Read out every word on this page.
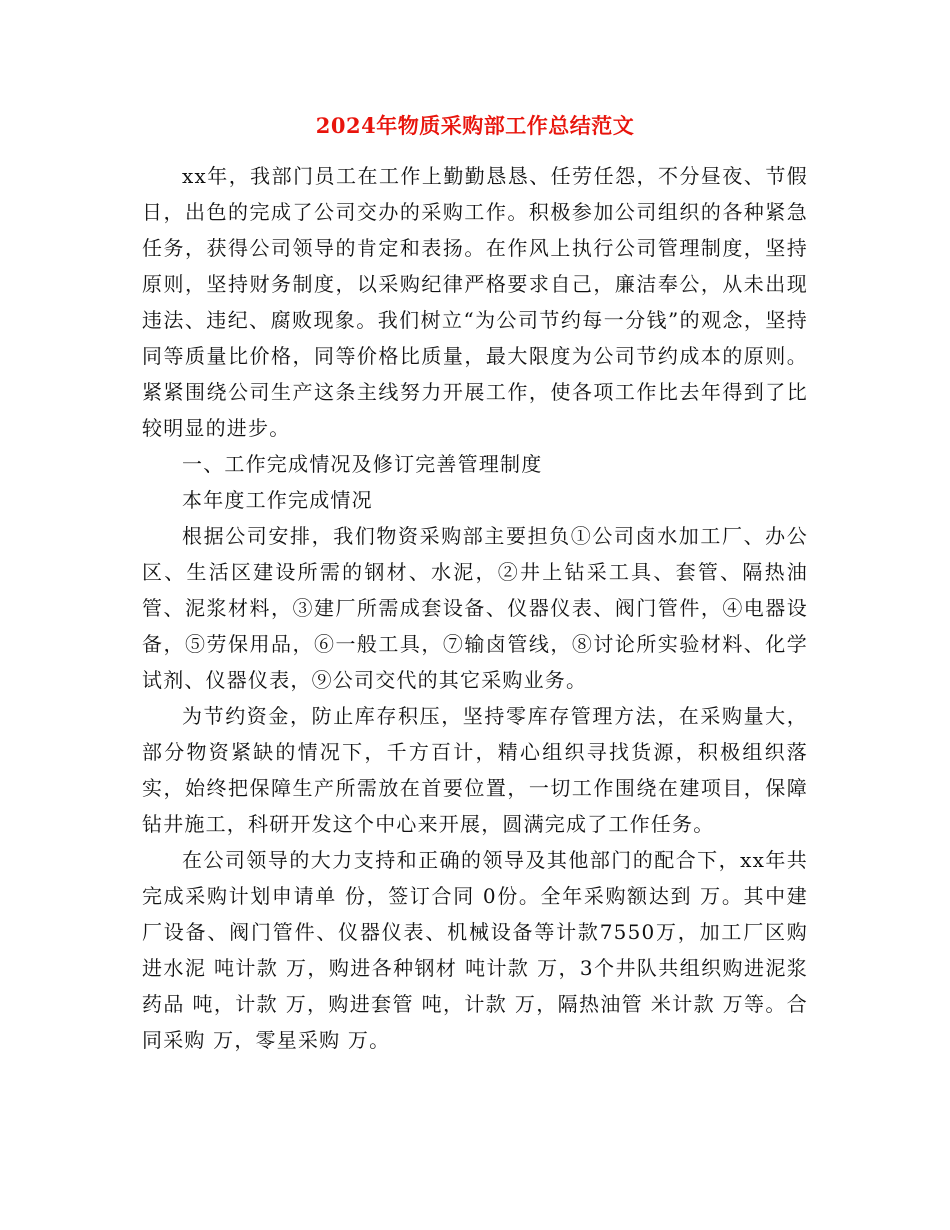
2024年物质采购部工作总结范文

xx年，我部门员工在工作上勤勤恳恳、任劳任怨，不分昼夜、节假日，出色的完成了公司交办的采购工作。积极参加公司组织的各种紧急任务，获得公司领导的肯定和表扬。在作风上执行公司管理制度，坚持原则，坚持财务制度，以采购纪律严格要求自己，廉洁奉公，从未出现违法、违纪、腐败现象。我们树立“为公司节约每一分钱”的观念，坚持同等质量比价格，同等价格比质量，最大限度为公司节约成本的原则。紧紧围绕公司生产这条主线努力开展工作，使各项工作比去年得到了比较明显的进步。

一、工作完成情况及修订完善管理制度

本年度工作完成情况

根据公司安排，我们物资采购部主要担负①公司卤水加工厂、办公区、生活区建设所需的钢材、水泥，②井上钻采工具、套管、隔热油管、泥浆材料，③建厂所需成套设备、仪器仪表、阀门管件，④电器设备，⑤劳保用品，⑥一般工具，⑦输卤管线，⑧讨论所实验材料、化学试剂、仪器仪表，⑨公司交代的其它采购业务。

为节约资金，防止库存积压，坚持零库存管理方法，在采购量大，部分物资紧缺的情况下，千方百计，精心组织寻找货源，积极组织落实，始终把保障生产所需放在首要位置，一切工作围绕在建项目，保障钻井施工，科研开发这个中心来开展，圆满完成了工作任务。

在公司领导的大力支持和正确的领导及其他部门的配合下，xx年共完成采购计划申请单 份，签订合同 0份。全年采购额达到 万。其中建厂设备、阀门管件、仪器仪表、机械设备等计款7550万，加工厂区购进水泥 吨计款 万，购进各种钢材 吨计款 万，3个井队共组织购进泥浆药品 吨，计款 万，购进套管 吨，计款 万，隔热油管 米计款 万等。合同采购 万，零星采购 万。
